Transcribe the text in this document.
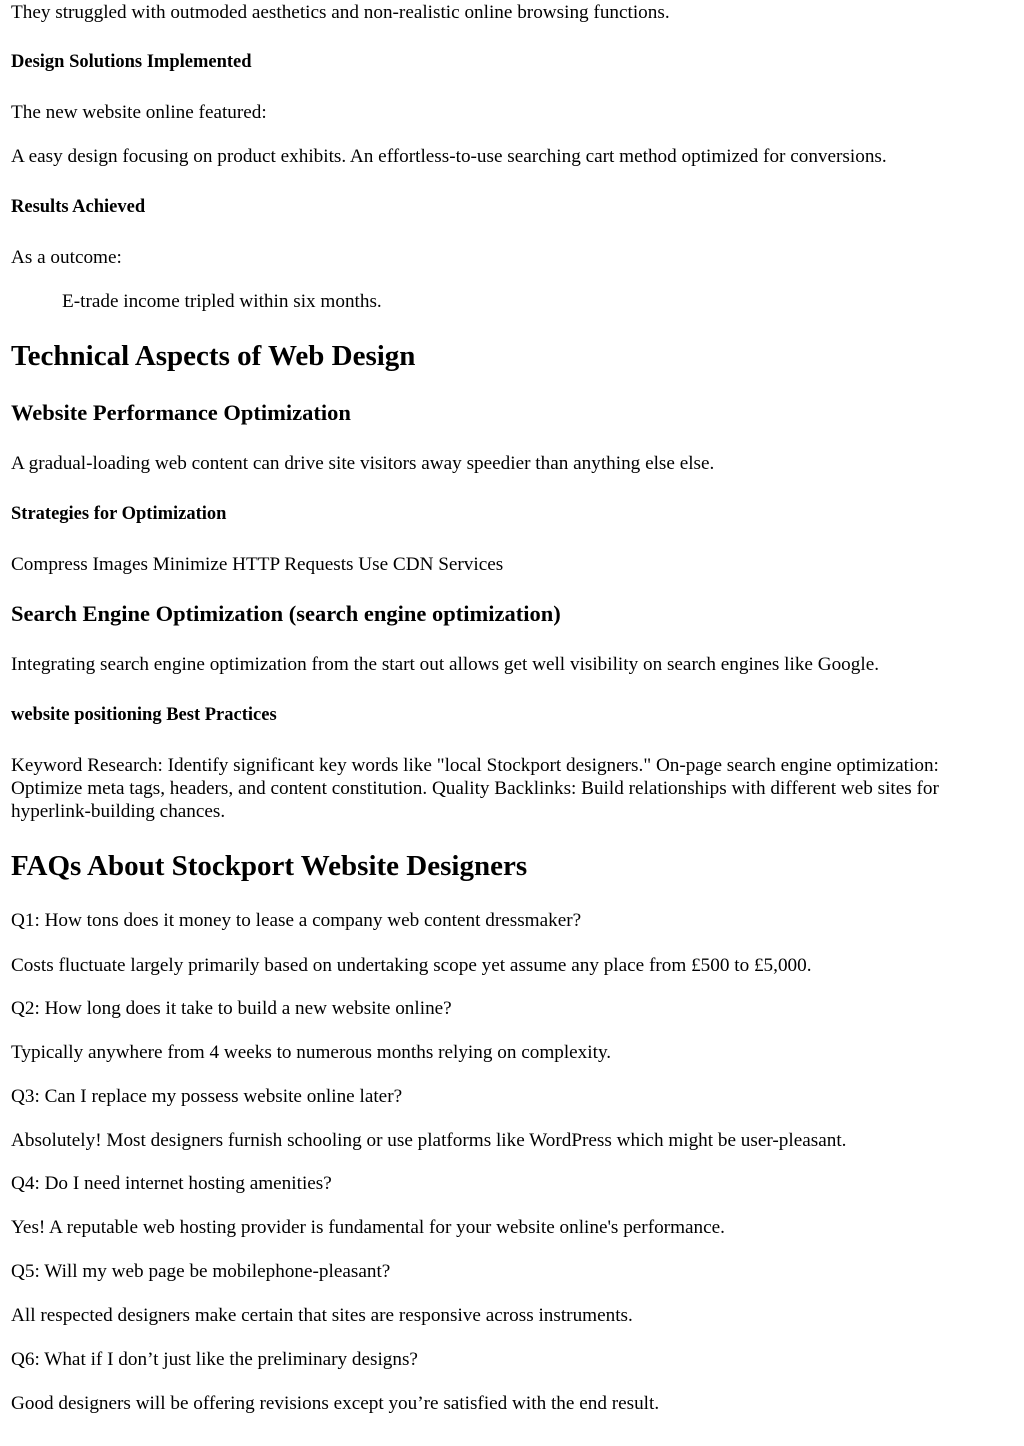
They struggled with outmoded aesthetics and non-realistic online browsing functions.

Design Solutions Implemented

The new website online featured:

A easy design focusing on product exhibits. An effortless-to-use searching cart method optimized for conversions.

Results Achieved

As a outcome:

E-trade income tripled within six months.

Technical Aspects of Web Design
Website Performance Optimization

A gradual-loading web content can drive site visitors away speedier than anything else else.

Strategies for Optimization

Compress Images Minimize HTTP Requests Use CDN Services

Search Engine Optimization (search engine optimization)

Integrating search engine optimization from the start out allows get well visibility on search engines like Google.

website positioning Best Practices

Keyword Research: Identify significant key words like "local Stockport designers." On-page search engine optimization: Optimize meta tags, headers, and content constitution. Quality Backlinks: Build relationships with different web sites for hyperlink-building chances.

FAQs About Stockport Website Designers

Q1: How tons does it money to lease a company web content dressmaker?

Costs fluctuate largely primarily based on undertaking scope yet assume any place from £500 to £5,000.

Q2: How long does it take to build a new website online?

Typically anywhere from 4 weeks to numerous months relying on complexity.

Q3: Can I replace my possess website online later?

Absolutely! Most designers furnish schooling or use platforms like WordPress which might be user-pleasant.

Q4: Do I need internet hosting amenities?

Yes! A reputable web hosting provider is fundamental for your website online's performance.

Q5: Will my web page be mobilephone-pleasant?

All respected designers make certain that sites are responsive across instruments.

Q6: What if I don’t just like the preliminary designs?

Good designers will be offering revisions except you’re satisfied with the end result.
